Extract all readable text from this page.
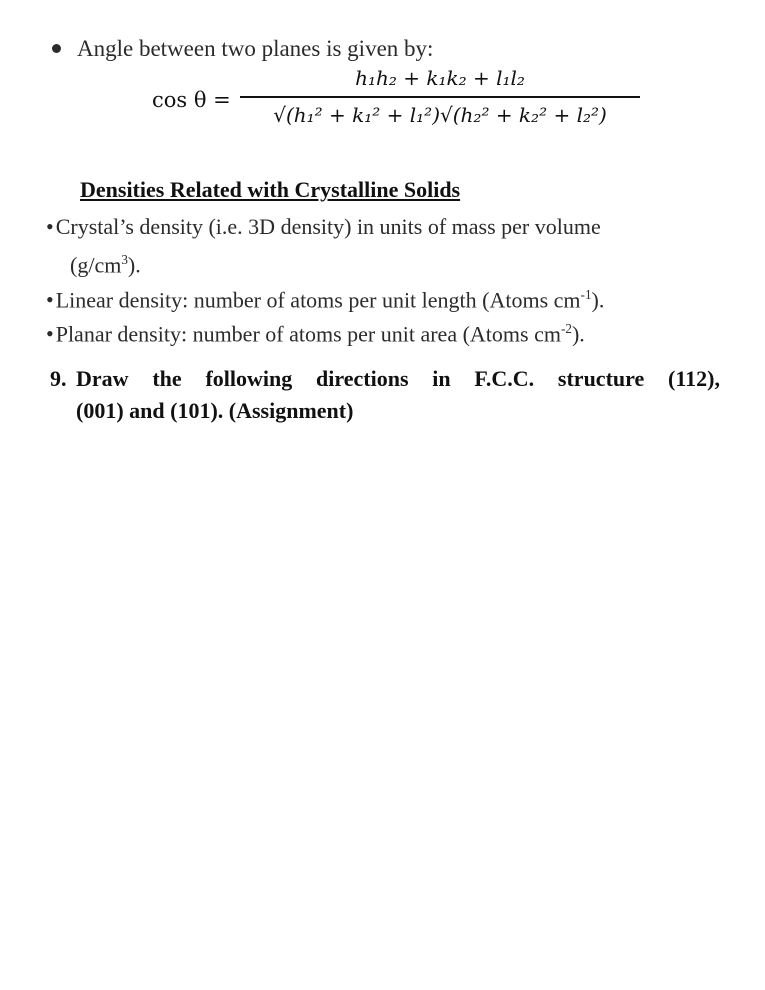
Angle between two planes is given by:
cos θ =
h₁h₂ + k₁k₂ + l₁l₂
√(h₁² + k₁² + l₁²)√(h₂² + k₂² + l₂²)
Densities Related with Crystalline Solids
•Crystal’s density (i.e. 3D density) in units of mass per volume
$(g/cm^3)$.
•Linear density: number of atoms per unit length (Atoms $cm^{-1}$).
•Planar density: number of atoms per unit area (Atoms $cm^{-2}$).
9. Draw the following directions in F.C.C. structure (112),
(001) and (101). (Assignment)
